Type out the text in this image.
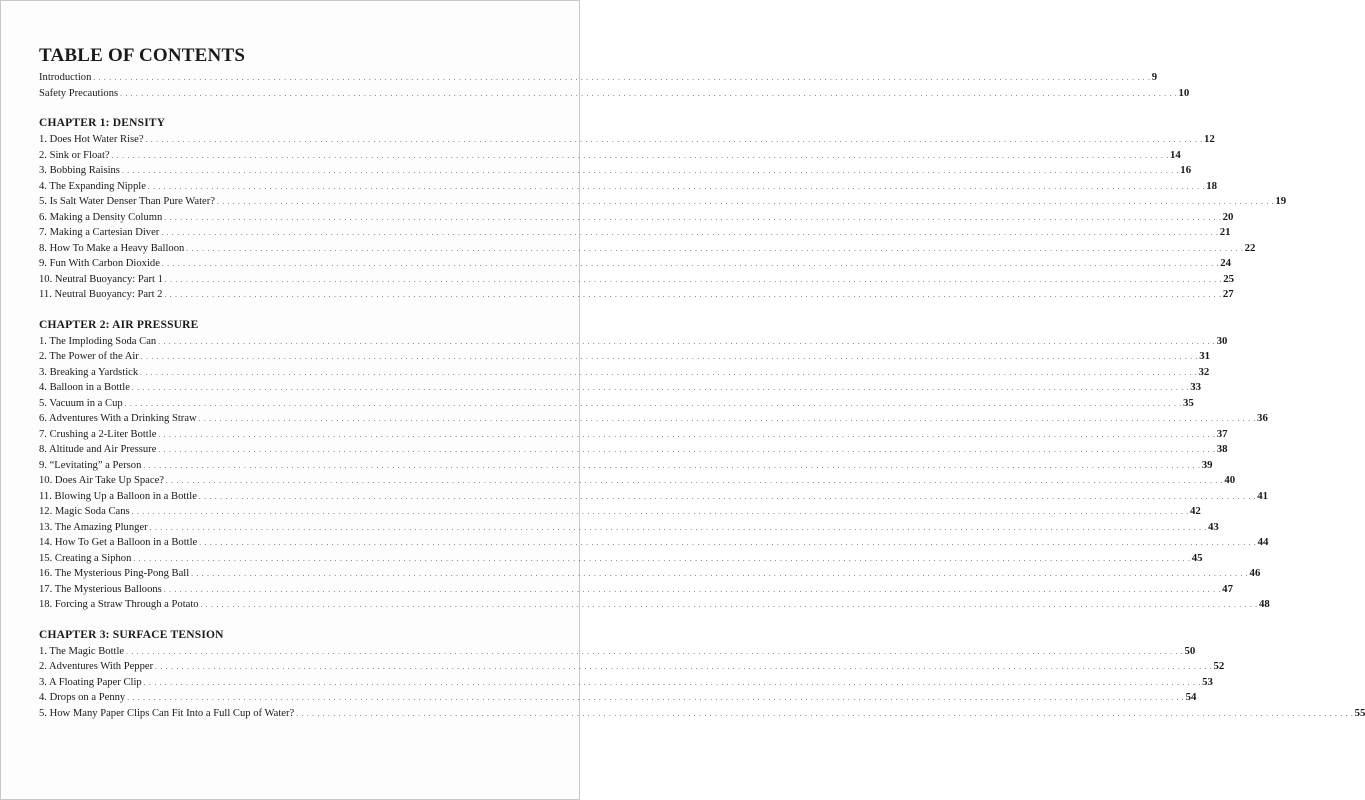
TABLE OF CONTENTS
Introduction . . . . . . . . . . . . . . . . . . . . . . . . . . . . . . . . . . . . . . . . . . . . . . . . . . . . . . . . . . . . . . . . . . . . . . . . . . . . . . . . . . . . . . . . . . . . . . . . . . . . . . . . . . . . . . . . . . . . . . . . . . . . . . . . . . . . . . . . . . . . . . . . . . . . . . . . . . . . . . . . . . . . . . . . . . . . . . . . . . . . . . . . . . . . . . . . . . . . . . . . 9
Safety Precautions . . . . . . . . . . . . . . . . . . . . . . . . . . . . . . . . . . . . . . . . . . . . . . . . . . . . . . . . . . . . . . . . . . . . . . . . . . . . . . . . . . . . . . . . . . . . . . . . . . . . . . . . . . . . . . . . . . . . . . . . . . . . . . . . . . . . . . . . . . . . . . . . . . . . . . . . . . . . . . . . . . . . . . . . . . . . . . . . . . . . . . . . . . . . . . . . . . . . . . . . 10
CHAPTER 1: DENSITY
1. Does Hot Water Rise? . . . . . . . . . . . . . . . . . . . . . . . . . . . . . . . . . . . . . . . . . . . . . . . . . . . . . . . . . . . . . . . . . . . . . . . . . . . . . . . . . . . . . . . . . . . . . . . . . . . . . . . . . . . . . . . . . . . . . . . . . . . . . . . . . . . . . . . . . . . . . . . . . . . . . . . . . . . . . . . . . . . . . . . . . . . . . . . . . . . . . . . . . . . . . . . . . . . . . . . . 12
2. Sink or Float? . . . . . . . . . . . . . . . . . . . . . . . . . . . . . . . . . . . . . . . . . . . . . . . . . . . . . . . . . . . . . . . . . . . . . . . . . . . . . . . . . . . . . . . . . . . . . . . . . . . . . . . . . . . . . . . . . . . . . . . . . . . . . . . . . . . . . . . . . . . . . . . . . . . . . . . . . . . . . . . . . . . . . . . . . . . . . . . . . . . . . . . . . . . . . . . . . . . . . . . . 14
3. Bobbing Raisins . . . . . . . . . . . . . . . . . . . . . . . . . . . . . . . . . . . . . . . . . . . . . . . . . . . . . . . . . . . . . . . . . . . . . . . . . . . . . . . . . . . . . . . . . . . . . . . . . . . . . . . . . . . . . . . . . . . . . . . . . . . . . . . . . . . . . . . . . . . . . . . . . . . . . . . . . . . . . . . . . . . . . . . . . . . . . . . . . . . . . . . . . . . . . . . . . . . . . . . . 16
4. The Expanding Nipple . . . . . . . . . . . . . . . . . . . . . . . . . . . . . . . . . . . . . . . . . . . . . . . . . . . . . . . . . . . . . . . . . . . . . . . . . . . . . . . . . . . . . . . . . . . . . . . . . . . . . . . . . . . . . . . . . . . . . . . . . . . . . . . . . . . . . . . . . . . . . . . . . . . . . . . . . . . . . . . . . . . . . . . . . . . . . . . . . . . . . . . . . . . . . . . . . . . . . . . . 18
5. Is Salt Water Denser Than Pure Water? . . . . . . . . . . . . . . . . . . . . . . . . . . . . . . . . . . . . . . . . . . . . . . . . . . . . . . . . . . . . . . . . . . . . . . . . . . . . . . . . . . . . . . . . . . . . . . . . . . . . . . . . . . . . . . . . . . . . . . . . . . . . . . . . . . . . . . . . . . . . . . . . . . . . . . . . . . . . . . . . . . . . . . . . . . . . . . . . . . . . . . . . . . . . . . . . . . . . . . . . 19
6. Making a Density Column . . . . . . . . . . . . . . . . . . . . . . . . . . . . . . . . . . . . . . . . . . . . . . . . . . . . . . . . . . . . . . . . . . . . . . . . . . . . . . . . . . . . . . . . . . . . . . . . . . . . . . . . . . . . . . . . . . . . . . . . . . . . . . . . . . . . . . . . . . . . . . . . . . . . . . . . . . . . . . . . . . . . . . . . . . . . . . . . . . . . . . . . . . . . . . . . . . . . . . . . 20
7. Making a Cartesian Diver . . . . . . . . . . . . . . . . . . . . . . . . . . . . . . . . . . . . . . . . . . . . . . . . . . . . . . . . . . . . . . . . . . . . . . . . . . . . . . . . . . . . . . . . . . . . . . . . . . . . . . . . . . . . . . . . . . . . . . . . . . . . . . . . . . . . . . . . . . . . . . . . . . . . . . . . . . . . . . . . . . . . . . . . . . . . . . . . . . . . . . . . . . . . . . . . . . . . . . . . 21
8. How To Make a Heavy Balloon . . . . . . . . . . . . . . . . . . . . . . . . . . . . . . . . . . . . . . . . . . . . . . . . . . . . . . . . . . . . . . . . . . . . . . . . . . . . . . . . . . . . . . . . . . . . . . . . . . . . . . . . . . . . . . . . . . . . . . . . . . . . . . . . . . . . . . . . . . . . . . . . . . . . . . . . . . . . . . . . . . . . . . . . . . . . . . . . . . . . . . . . . . . . . . . . . . . . . . . . 22
9. Fun With Carbon Dioxide . . . . . . . . . . . . . . . . . . . . . . . . . . . . . . . . . . . . . . . . . . . . . . . . . . . . . . . . . . . . . . . . . . . . . . . . . . . . . . . . . . . . . . . . . . . . . . . . . . . . . . . . . . . . . . . . . . . . . . . . . . . . . . . . . . . . . . . . . . . . . . . . . . . . . . . . . . . . . . . . . . . . . . . . . . . . . . . . . . . . . . . . . . . . . . . . . . . . . . . . 24
10. Neutral Buoyancy: Part 1 . . . . . . . . . . . . . . . . . . . . . . . . . . . . . . . . . . . . . . . . . . . . . . . . . . . . . . . . . . . . . . . . . . . . . . . . . . . . . . . . . . . . . . . . . . . . . . . . . . . . . . . . . . . . . . . . . . . . . . . . . . . . . . . . . . . . . . . . . . . . . . . . . . . . . . . . . . . . . . . . . . . . . . . . . . . . . . . . . . . . . . . . . . . . . . . . . . . . . . . . 25
11. Neutral Buoyancy: Part 2 . . . . . . . . . . . . . . . . . . . . . . . . . . . . . . . . . . . . . . . . . . . . . . . . . . . . . . . . . . . . . . . . . . . . . . . . . . . . . . . . . . . . . . . . . . . . . . . . . . . . . . . . . . . . . . . . . . . . . . . . . . . . . . . . . . . . . . . . . . . . . . . . . . . . . . . . . . . . . . . . . . . . . . . . . . . . . . . . . . . . . . . . . . . . . . . . . . . . . . . . 27
CHAPTER 2: AIR PRESSURE
1. The Imploding Soda Can . . . . . . . . . . . . . . . . . . . . . . . . . . . . . . . . . . . . . . . . . . . . . . . . . . . . . . . . . . . . . . . . . . . . . . . . . . . . . . . . . . . . . . . . . . . . . . . . . . . . . . . . . . . . . . . . . . . . . . . . . . . . . . . . . . . . . . . . . . . . . . . . . . . . . . . . . . . . . . . . . . . . . . . . . . . . . . . . . . . . . . . . . . . . . . . . . . . . . . . . 30
2. The Power of the Air . . . . . . . . . . . . . . . . . . . . . . . . . . . . . . . . . . . . . . . . . . . . . . . . . . . . . . . . . . . . . . . . . . . . . . . . . . . . . . . . . . . . . . . . . . . . . . . . . . . . . . . . . . . . . . . . . . . . . . . . . . . . . . . . . . . . . . . . . . . . . . . . . . . . . . . . . . . . . . . . . . . . . . . . . . . . . . . . . . . . . . . . . . . . . . . . . . . . . . . . 31
3. Breaking a Yardstick . . . . . . . . . . . . . . . . . . . . . . . . . . . . . . . . . . . . . . . . . . . . . . . . . . . . . . . . . . . . . . . . . . . . . . . . . . . . . . . . . . . . . . . . . . . . . . . . . . . . . . . . . . . . . . . . . . . . . . . . . . . . . . . . . . . . . . . . . . . . . . . . . . . . . . . . . . . . . . . . . . . . . . . . . . . . . . . . . . . . . . . . . . . . . . . . . . . . . . . . 32
4. Balloon in a Bottle . . . . . . . . . . . . . . . . . . . . . . . . . . . . . . . . . . . . . . . . . . . . . . . . . . . . . . . . . . . . . . . . . . . . . . . . . . . . . . . . . . . . . . . . . . . . . . . . . . . . . . . . . . . . . . . . . . . . . . . . . . . . . . . . . . . . . . . . . . . . . . . . . . . . . . . . . . . . . . . . . . . . . . . . . . . . . . . . . . . . . . . . . . . . . . . . . . . . . . . . 33
5. Vacuum in a Cup . . . . . . . . . . . . . . . . . . . . . . . . . . . . . . . . . . . . . . . . . . . . . . . . . . . . . . . . . . . . . . . . . . . . . . . . . . . . . . . . . . . . . . . . . . . . . . . . . . . . . . . . . . . . . . . . . . . . . . . . . . . . . . . . . . . . . . . . . . . . . . . . . . . . . . . . . . . . . . . . . . . . . . . . . . . . . . . . . . . . . . . . . . . . . . . . . . . . . . . . 35
6. Adventures With a Drinking Straw . . . . . . . . . . . . . . . . . . . . . . . . . . . . . . . . . . . . . . . . . . . . . . . . . . . . . . . . . . . . . . . . . . . . . . . . . . . . . . . . . . . . . . . . . . . . . . . . . . . . . . . . . . . . . . . . . . . . . . . . . . . . . . . . . . . . . . . . . . . . . . . . . . . . . . . . . . . . . . . . . . . . . . . . . . . . . . . . . . . . . . . . . . . . . . . . . . . . . . . . 36
7. Crushing a 2-Liter Bottle . . . . . . . . . . . . . . . . . . . . . . . . . . . . . . . . . . . . . . . . . . . . . . . . . . . . . . . . . . . . . . . . . . . . . . . . . . . . . . . . . . . . . . . . . . . . . . . . . . . . . . . . . . . . . . . . . . . . . . . . . . . . . . . . . . . . . . . . . . . . . . . . . . . . . . . . . . . . . . . . . . . . . . . . . . . . . . . . . . . . . . . . . . . . . . . . . . . . . . . . 37
8. Altitude and Air Pressure . . . . . . . . . . . . . . . . . . . . . . . . . . . . . . . . . . . . . . . . . . . . . . . . . . . . . . . . . . . . . . . . . . . . . . . . . . . . . . . . . . . . . . . . . . . . . . . . . . . . . . . . . . . . . . . . . . . . . . . . . . . . . . . . . . . . . . . . . . . . . . . . . . . . . . . . . . . . . . . . . . . . . . . . . . . . . . . . . . . . . . . . . . . . . . . . . . . . . . . . 38
9. “Levitating” a Person . . . . . . . . . . . . . . . . . . . . . . . . . . . . . . . . . . . . . . . . . . . . . . . . . . . . . . . . . . . . . . . . . . . . . . . . . . . . . . . . . . . . . . . . . . . . . . . . . . . . . . . . . . . . . . . . . . . . . . . . . . . . . . . . . . . . . . . . . . . . . . . . . . . . . . . . . . . . . . . . . . . . . . . . . . . . . . . . . . . . . . . . . . . . . . . . . . . . . . . . 39
10. Does Air Take Up Space? . . . . . . . . . . . . . . . . . . . . . . . . . . . . . . . . . . . . . . . . . . . . . . . . . . . . . . . . . . . . . . . . . . . . . . . . . . . . . . . . . . . . . . . . . . . . . . . . . . . . . . . . . . . . . . . . . . . . . . . . . . . . . . . . . . . . . . . . . . . . . . . . . . . . . . . . . . . . . . . . . . . . . . . . . . . . . . . . . . . . . . . . . . . . . . . . . . . . . . . . 40
11. Blowing Up a Balloon in a Bottle . . . . . . . . . . . . . . . . . . . . . . . . . . . . . . . . . . . . . . . . . . . . . . . . . . . . . . . . . . . . . . . . . . . . . . . . . . . . . . . . . . . . . . . . . . . . . . . . . . . . . . . . . . . . . . . . . . . . . . . . . . . . . . . . . . . . . . . . . . . . . . . . . . . . . . . . . . . . . . . . . . . . . . . . . . . . . . . . . . . . . . . . . . . . . . . . . . . . . . . . 41
12. Magic Soda Cans . . . . . . . . . . . . . . . . . . . . . . . . . . . . . . . . . . . . . . . . . . . . . . . . . . . . . . . . . . . . . . . . . . . . . . . . . . . . . . . . . . . . . . . . . . . . . . . . . . . . . . . . . . . . . . . . . . . . . . . . . . . . . . . . . . . . . . . . . . . . . . . . . . . . . . . . . . . . . . . . . . . . . . . . . . . . . . . . . . . . . . . . . . . . . . . . . . . . . . . . 42
13. The Amazing Plunger . . . . . . . . . . . . . . . . . . . . . . . . . . . . . . . . . . . . . . . . . . . . . . . . . . . . . . . . . . . . . . . . . . . . . . . . . . . . . . . . . . . . . . . . . . . . . . . . . . . . . . . . . . . . . . . . . . . . . . . . . . . . . . . . . . . . . . . . . . . . . . . . . . . . . . . . . . . . . . . . . . . . . . . . . . . . . . . . . . . . . . . . . . . . . . . . . . . . . . . . 43
14. How To Get a Balloon in a Bottle . . . . . . . . . . . . . . . . . . . . . . . . . . . . . . . . . . . . . . . . . . . . . . . . . . . . . . . . . . . . . . . . . . . . . . . . . . . . . . . . . . . . . . . . . . . . . . . . . . . . . . . . . . . . . . . . . . . . . . . . . . . . . . . . . . . . . . . . . . . . . . . . . . . . . . . . . . . . . . . . . . . . . . . . . . . . . . . . . . . . . . . . . . . . . . . . . . . . . . . . 44
15. Creating a Siphon . . . . . . . . . . . . . . . . . . . . . . . . . . . . . . . . . . . . . . . . . . . . . . . . . . . . . . . . . . . . . . . . . . . . . . . . . . . . . . . . . . . . . . . . . . . . . . . . . . . . . . . . . . . . . . . . . . . . . . . . . . . . . . . . . . . . . . . . . . . . . . . . . . . . . . . . . . . . . . . . . . . . . . . . . . . . . . . . . . . . . . . . . . . . . . . . . . . . . . . . 45
16. The Mysterious Ping-Pong Ball . . . . . . . . . . . . . . . . . . . . . . . . . . . . . . . . . . . . . . . . . . . . . . . . . . . . . . . . . . . . . . . . . . . . . . . . . . . . . . . . . . . . . . . . . . . . . . . . . . . . . . . . . . . . . . . . . . . . . . . . . . . . . . . . . . . . . . . . . . . . . . . . . . . . . . . . . . . . . . . . . . . . . . . . . . . . . . . . . . . . . . . . . . . . . . . . . . . . . . . . 46
17. The Mysterious Balloons . . . . . . . . . . . . . . . . . . . . . . . . . . . . . . . . . . . . . . . . . . . . . . . . . . . . . . . . . . . . . . . . . . . . . . . . . . . . . . . . . . . . . . . . . . . . . . . . . . . . . . . . . . . . . . . . . . . . . . . . . . . . . . . . . . . . . . . . . . . . . . . . . . . . . . . . . . . . . . . . . . . . . . . . . . . . . . . . . . . . . . . . . . . . . . . . . . . . . . . . 47
18. Forcing a Straw Through a Potato . . . . . . . . . . . . . . . . . . . . . . . . . . . . . . . . . . . . . . . . . . . . . . . . . . . . . . . . . . . . . . . . . . . . . . . . . . . . . . . . . . . . . . . . . . . . . . . . . . . . . . . . . . . . . . . . . . . . . . . . . . . . . . . . . . . . . . . . . . . . . . . . . . . . . . . . . . . . . . . . . . . . . . . . . . . . . . . . . . . . . . . . . . . . . . . . . . . . . . . . 48
CHAPTER 3: SURFACE TENSION
1. The Magic Bottle . . . . . . . . . . . . . . . . . . . . . . . . . . . . . . . . . . . . . . . . . . . . . . . . . . . . . . . . . . . . . . . . . . . . . . . . . . . . . . . . . . . . . . . . . . . . . . . . . . . . . . . . . . . . . . . . . . . . . . . . . . . . . . . . . . . . . . . . . . . . . . . . . . . . . . . . . . . . . . . . . . . . . . . . . . . . . . . . . . . . . . . . . . . . . . . . . . . . . . . . 50
2. Adventures With Pepper . . . . . . . . . . . . . . . . . . . . . . . . . . . . . . . . . . . . . . . . . . . . . . . . . . . . . . . . . . . . . . . . . . . . . . . . . . . . . . . . . . . . . . . . . . . . . . . . . . . . . . . . . . . . . . . . . . . . . . . . . . . . . . . . . . . . . . . . . . . . . . . . . . . . . . . . . . . . . . . . . . . . . . . . . . . . . . . . . . . . . . . . . . . . . . . . . . . . . . . . 52
3. A Floating Paper Clip . . . . . . . . . . . . . . . . . . . . . . . . . . . . . . . . . . . . . . . . . . . . . . . . . . . . . . . . . . . . . . . . . . . . . . . . . . . . . . . . . . . . . . . . . . . . . . . . . . . . . . . . . . . . . . . . . . . . . . . . . . . . . . . . . . . . . . . . . . . . . . . . . . . . . . . . . . . . . . . . . . . . . . . . . . . . . . . . . . . . . . . . . . . . . . . . . . . . . . . . 53
4. Drops on a Penny . . . . . . . . . . . . . . . . . . . . . . . . . . . . . . . . . . . . . . . . . . . . . . . . . . . . . . . . . . . . . . . . . . . . . . . . . . . . . . . . . . . . . . . . . . . . . . . . . . . . . . . . . . . . . . . . . . . . . . . . . . . . . . . . . . . . . . . . . . . . . . . . . . . . . . . . . . . . . . . . . . . . . . . . . . . . . . . . . . . . . . . . . . . . . . . . . . . . . . . . 54
5. How Many Paper Clips Can Fit Into a Full Cup of Water? . . . . . . . . . . . . . . . . . . . . . . . . . . . . . . . . . . . . . . . . . . . . . . . . . . . . . . . . . . . . . . . . . . . . . . . . . . . . . . . . . . . . . . . . . . . . . . . . . . . . . . . . . . . . . . . . . . . . . . . . . . . . . . . . . . . . . . . . . . . . . . . . . . . . . . . . . . . . . . . . . . . . . . . . . . . . . . . . . . . . . . . . . . . . . . . . . . . . . . . . 55
